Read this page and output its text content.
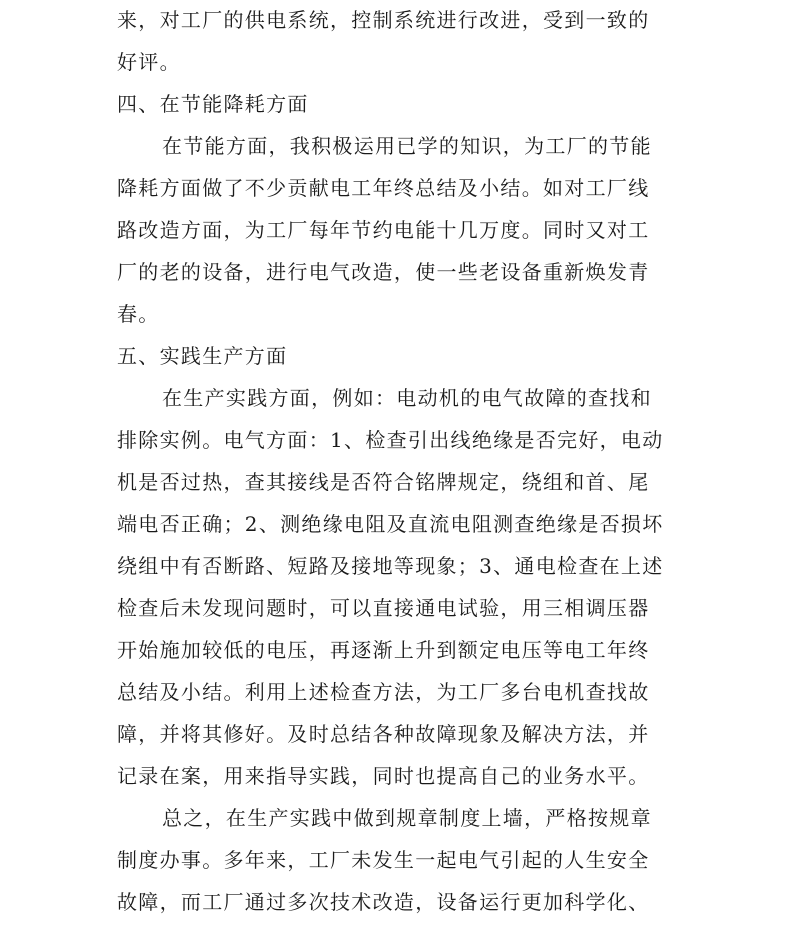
来，对工厂的供电系统，控制系统进行改进，受到一致的

好评。

四、在节能降耗方面

在节能方面，我积极运用已学的知识，为工厂的节能

降耗方面做了不少贡献电工年终总结及小结。如对工厂线

路改造方面，为工厂每年节约电能十几万度。同时又对工

厂的老的设备，进行电气改造，使一些老设备重新焕发青

春。

五、实践生产方面

在生产实践方面，例如：电动机的电气故障的查找和

排除实例。电气方面：1、检查引出线绝缘是否完好，电动

机是否过热，查其接线是否符合铭牌规定，绕组和首、尾

端电否正确；2、测绝缘电阻及直流电阻测查绝缘是否损坏

绕组中有否断路、短路及接地等现象；3、通电检查在上述

检查后未发现问题时，可以直接通电试验，用三相调压器

开始施加较低的电压，再逐渐上升到额定电压等电工年终

总结及小结。利用上述检查方法，为工厂多台电机查找故

障，并将其修好。及时总结各种故障现象及解决方法，并

记录在案，用来指导实践，同时也提高自己的业务水平。

总之，在生产实践中做到规章制度上墙，严格按规章

制度办事。多年来，工厂未发生一起电气引起的人生安全

故障，而工厂通过多次技术改造，设备运行更加科学化、
